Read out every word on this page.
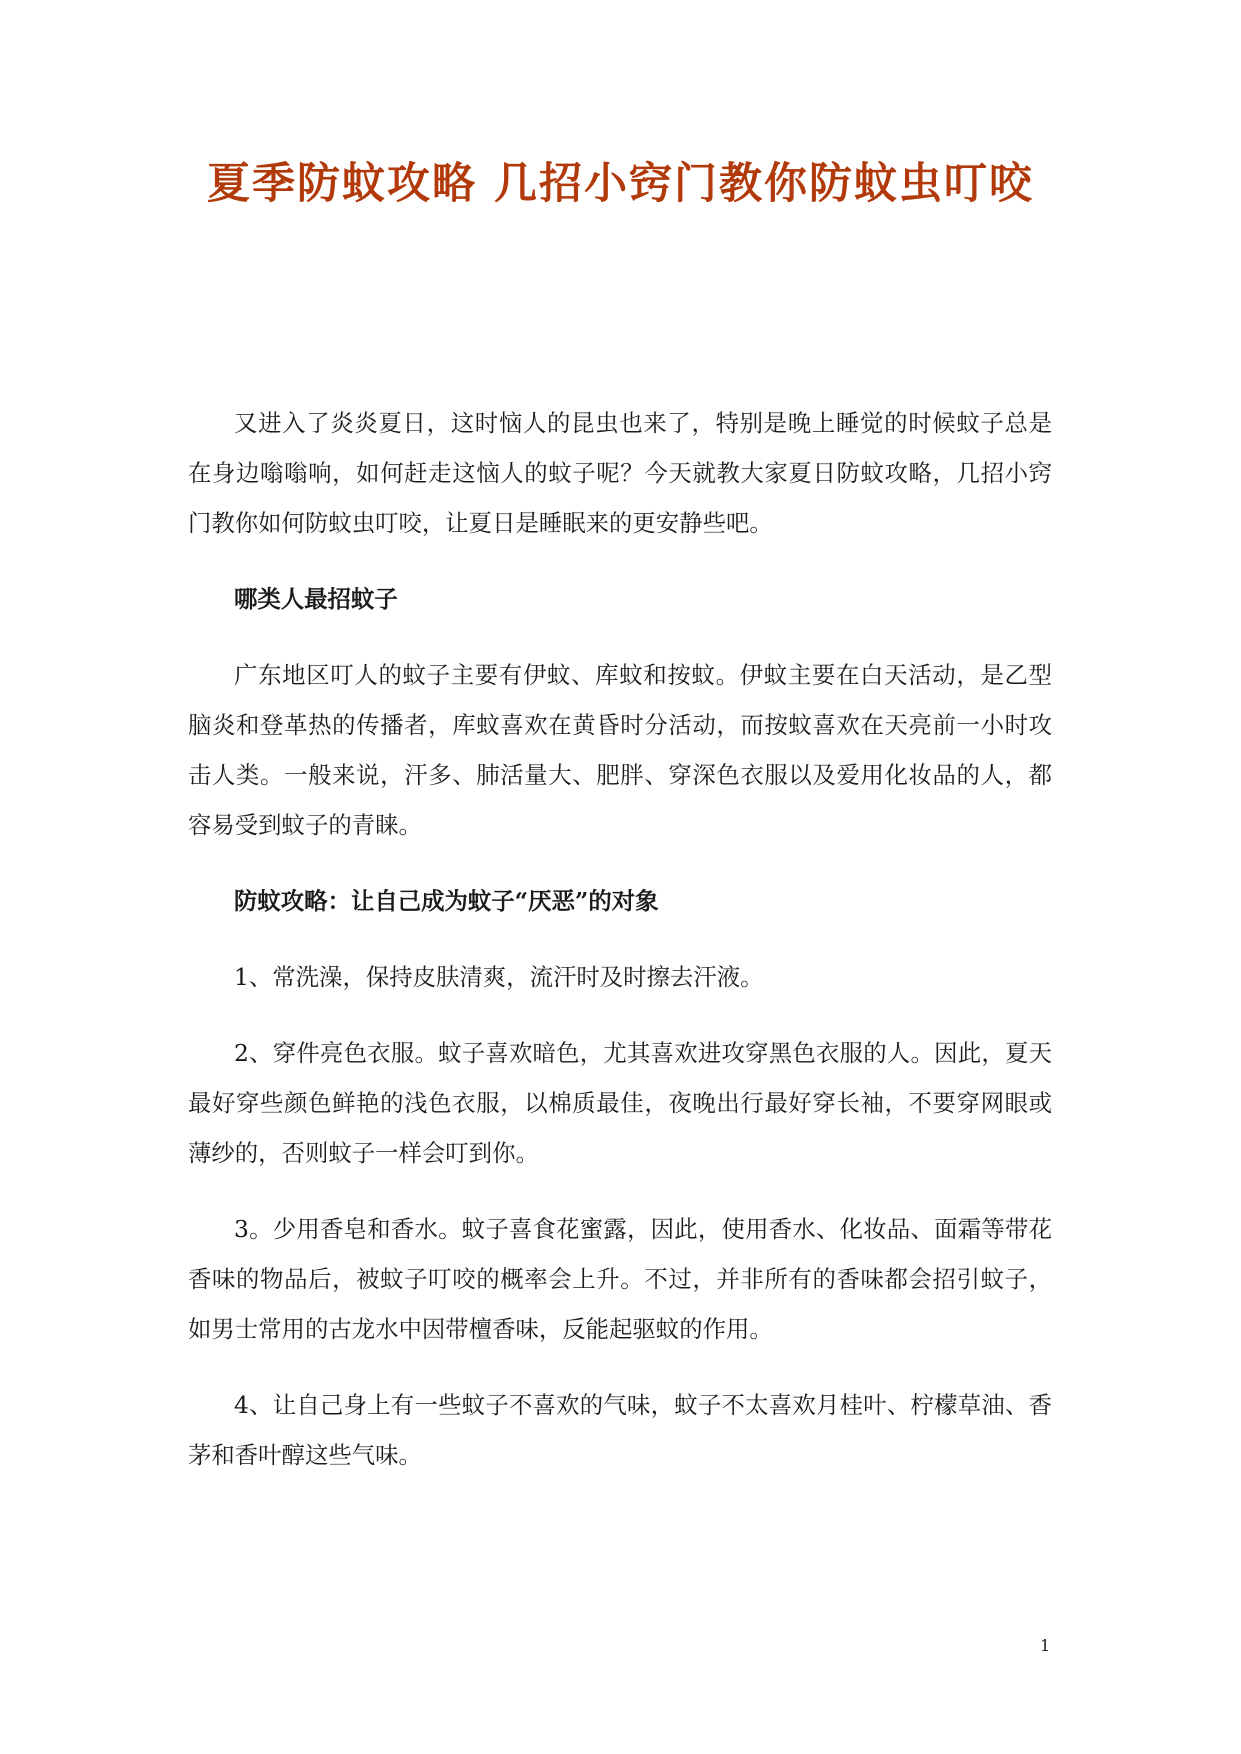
夏季防蚊攻略 几招小窍门教你防蚊虫叮咬

又进入了炎炎夏日，这时恼人的昆虫也来了，特别是晚上睡觉的时候蚊子总是在身边嗡嗡响，如何赶走这恼人的蚊子呢？今天就教大家夏日防蚊攻略，几招小窍门教你如何防蚊虫叮咬，让夏日是睡眠来的更安静些吧。

哪类人最招蚊子

广东地区叮人的蚊子主要有伊蚊、库蚊和按蚊。伊蚊主要在白天活动，是乙型脑炎和登革热的传播者，库蚊喜欢在黄昏时分活动，而按蚊喜欢在天亮前一小时攻击人类。一般来说，汗多、肺活量大、肥胖、穿深色衣服以及爱用化妆品的人，都容易受到蚊子的青睐。

防蚊攻略：让自己成为蚊子“厌恶”的对象

1、常洗澡，保持皮肤清爽，流汗时及时擦去汗液。

2、穿件亮色衣服。蚊子喜欢暗色，尤其喜欢进攻穿黑色衣服的人。因此，夏天最好穿些颜色鲜艳的浅色衣服，以棉质最佳，夜晚出行最好穿长袖，不要穿网眼或薄纱的，否则蚊子一样会叮到你。

3。少用香皂和香水。蚊子喜食花蜜露，因此，使用香水、化妆品、面霜等带花香味的物品后，被蚊子叮咬的概率会上升。不过，并非所有的香味都会招引蚊子，如男士常用的古龙水中因带檀香味，反能起驱蚊的作用。

4、让自己身上有一些蚊子不喜欢的气味，蚊子不太喜欢月桂叶、柠檬草油、香茅和香叶醇这些气味。

1
